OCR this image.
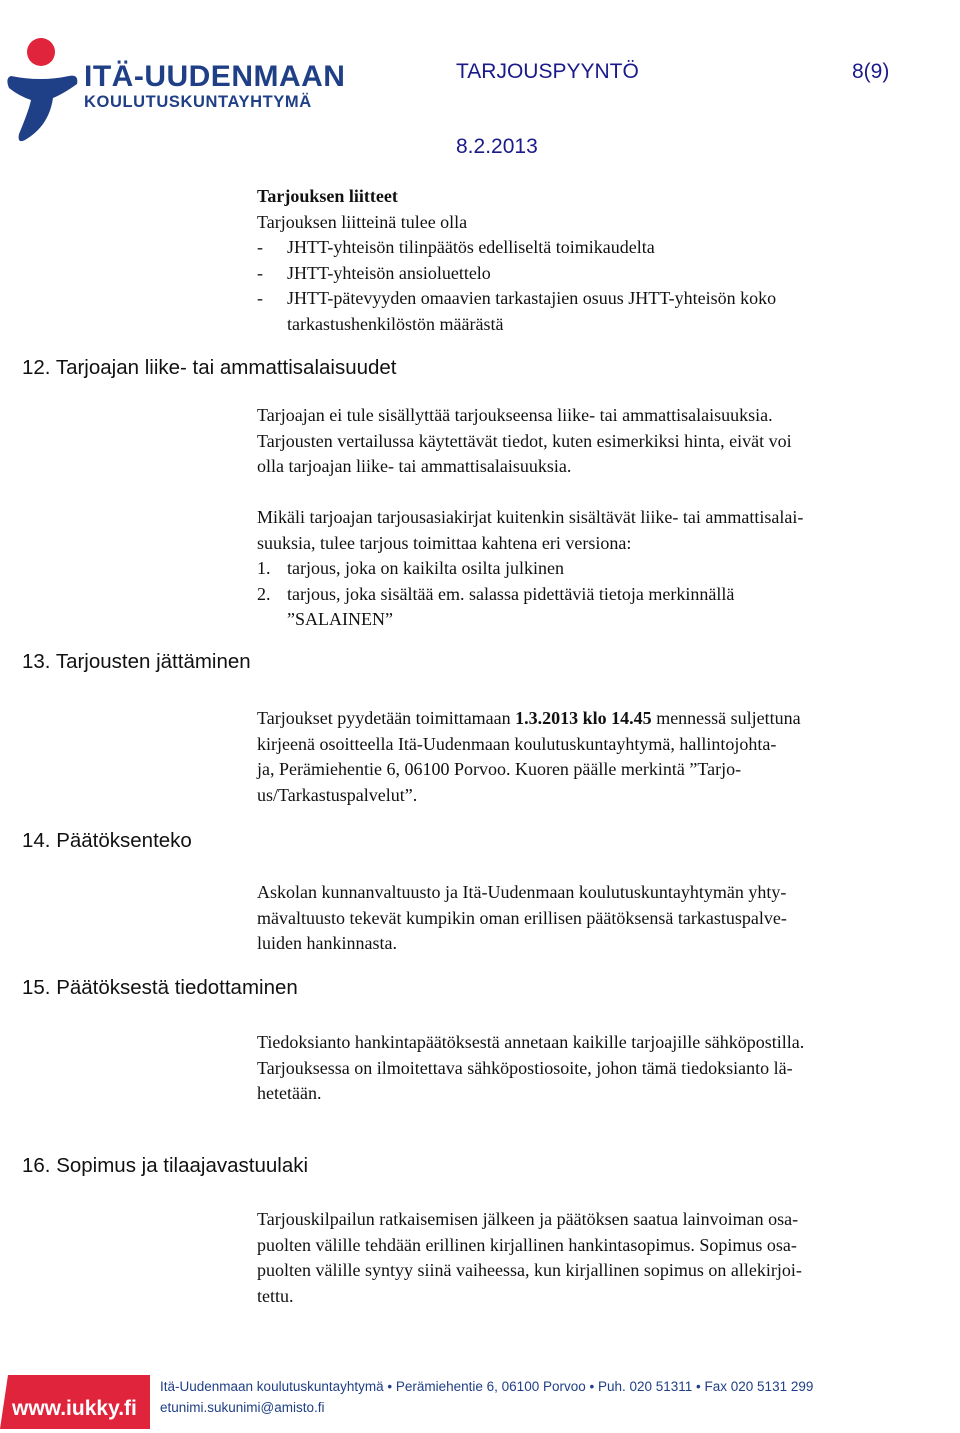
ITÄ-UUDENMAAN
KOULUTUSKUNTAYHTYMÄ
TARJOUSPYYNTÖ	8(9)
8.2.2013
Tarjouksen liitteet
Tarjouksen liitteinä tulee olla
- JHTT-yhteisön tilinpäätös edelliseltä toimikaudelta
- JHTT-yhteisön ansioluettelo
- JHTT-pätevyyden omaavien tarkastajien osuus JHTT-yhteisön koko
tarkastushenkilöstön määrästä
12. Tarjoajan liike- tai ammattisalaisuudet
Tarjoajan ei tule sisällyttää tarjoukseensa liike- tai ammattisalaisuuksia.
Tarjousten vertailussa käytettävät tiedot, kuten esimerkiksi hinta, eivät voi
olla tarjoajan liike- tai ammattisalaisuuksia.
Mikäli tarjoajan tarjousasiakirjat kuitenkin sisältävät liike- tai ammattisalai-
suuksia, tulee tarjous toimittaa kahtena eri versiona:
1. tarjous, joka on kaikilta osilta julkinen
2. tarjous, joka sisältää em. salassa pidettäviä tietoja merkinnällä
”SALAINEN”
13. Tarjousten jättäminen
Tarjoukset pyydetään toimittamaan 1.3.2013 klo 14.45 mennessä suljettuna
kirjeenä osoitteella Itä-Uudenmaan koulutuskuntayhtymä, hallintojohta-
ja, Perämiehentie 6, 06100 Porvoo. Kuoren päälle merkintä ”Tarjo-
us/Tarkastuspalvelut”.
14. Päätöksenteko
Askolan kunnanvaltuusto ja Itä-Uudenmaan koulutuskuntayhtymän yhty-
mävaltuusto tekevät kumpikin oman erillisen päätöksensä tarkastuspalve-
luiden hankinnasta.
15. Päätöksestä tiedottaminen
Tiedoksianto hankintapäätöksestä annetaan kaikille tarjoajille sähköpostilla.
Tarjouksessa on ilmoitettava sähköpostiosoite, johon tämä tiedoksianto lä-
hetetään.
16. Sopimus ja tilaajavastuulaki
Tarjouskilpailun ratkaisemisen jälkeen ja päätöksen saatua lainvoiman osa-
puolten välille tehdään erillinen kirjallinen hankintasopimus. Sopimus osa-
puolten välille syntyy siinä vaiheessa, kun kirjallinen sopimus on allekirjoi-
tettu.
www.iukky.fi
Itä-Uudenmaan koulutuskuntayhtymä • Perämiehentie 6, 06100 Porvoo • Puh. 020 51311 • Fax 020 5131 299
etunimi.sukunimi@amisto.fi
